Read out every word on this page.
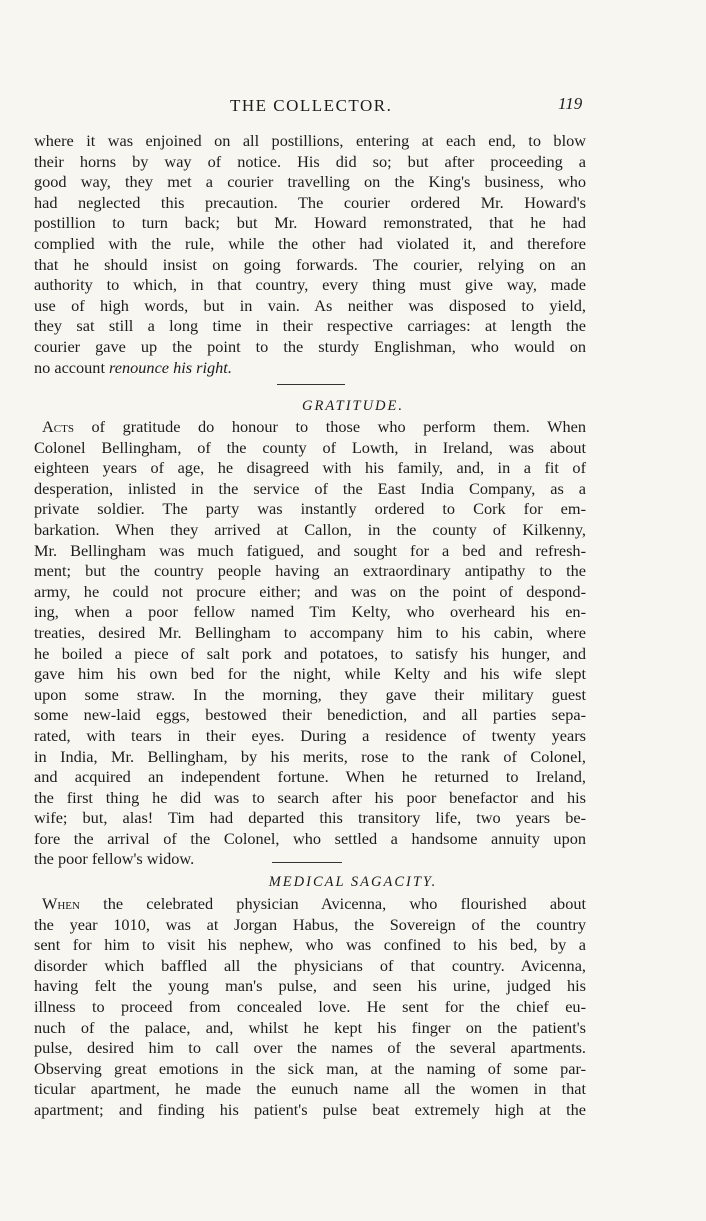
THE COLLECTOR.	119
where it was enjoined on all postillions, entering at each end, to blow
their horns by way of notice. His did so; but after proceeding a
good way, they met a courier travelling on the King's business, who
had neglected this precaution. The courier ordered Mr. Howard's
postillion to turn back; but Mr. Howard remonstrated, that he had
complied with the rule, while the other had violated it, and therefore
that he should insist on going forwards. The courier, relying on an
authority to which, in that country, every thing must give way, made
use of high words, but in vain. As neither was disposed to yield,
they sat still a long time in their respective carriages: at length the
courier gave up the point to the sturdy Englishman, who would on
no account renounce his right.
GRATITUDE.
Acts of gratitude do honour to those who perform them. When
Colonel Bellingham, of the county of Lowth, in Ireland, was about
eighteen years of age, he disagreed with his family, and, in a fit of
desperation, inlisted in the service of the East India Company, as a
private soldier. The party was instantly ordered to Cork for em-
barkation. When they arrived at Callon, in the county of Kilkenny,
Mr. Bellingham was much fatigued, and sought for a bed and refresh-
ment; but the country people having an extraordinary antipathy to the
army, he could not procure either; and was on the point of despond-
ing, when a poor fellow named Tim Kelty, who overheard his en-
treaties, desired Mr. Bellingham to accompany him to his cabin, where
he boiled a piece of salt pork and potatoes, to satisfy his hunger, and
gave him his own bed for the night, while Kelty and his wife slept
upon some straw. In the morning, they gave their military guest
some new-laid eggs, bestowed their benediction, and all parties sepa-
rated, with tears in their eyes. During a residence of twenty years
in India, Mr. Bellingham, by his merits, rose to the rank of Colonel,
and acquired an independent fortune. When he returned to Ireland,
the first thing he did was to search after his poor benefactor and his
wife; but, alas! Tim had departed this transitory life, two years be-
fore the arrival of the Colonel, who settled a handsome annuity upon
the poor fellow's widow.
MEDICAL SAGACITY.
When the celebrated physician Avicenna, who flourished about
the year 1010, was at Jorgan Habus, the Sovereign of the country
sent for him to visit his nephew, who was confined to his bed, by a
disorder which baffled all the physicians of that country. Avicenna,
having felt the young man's pulse, and seen his urine, judged his
illness to proceed from concealed love. He sent for the chief eu-
nuch of the palace, and, whilst he kept his finger on the patient's
pulse, desired him to call over the names of the several apartments.
Observing great emotions in the sick man, at the naming of some par-
ticular apartment, he made the eunuch name all the women in that
apartment; and finding his patient's pulse beat extremely high at the
